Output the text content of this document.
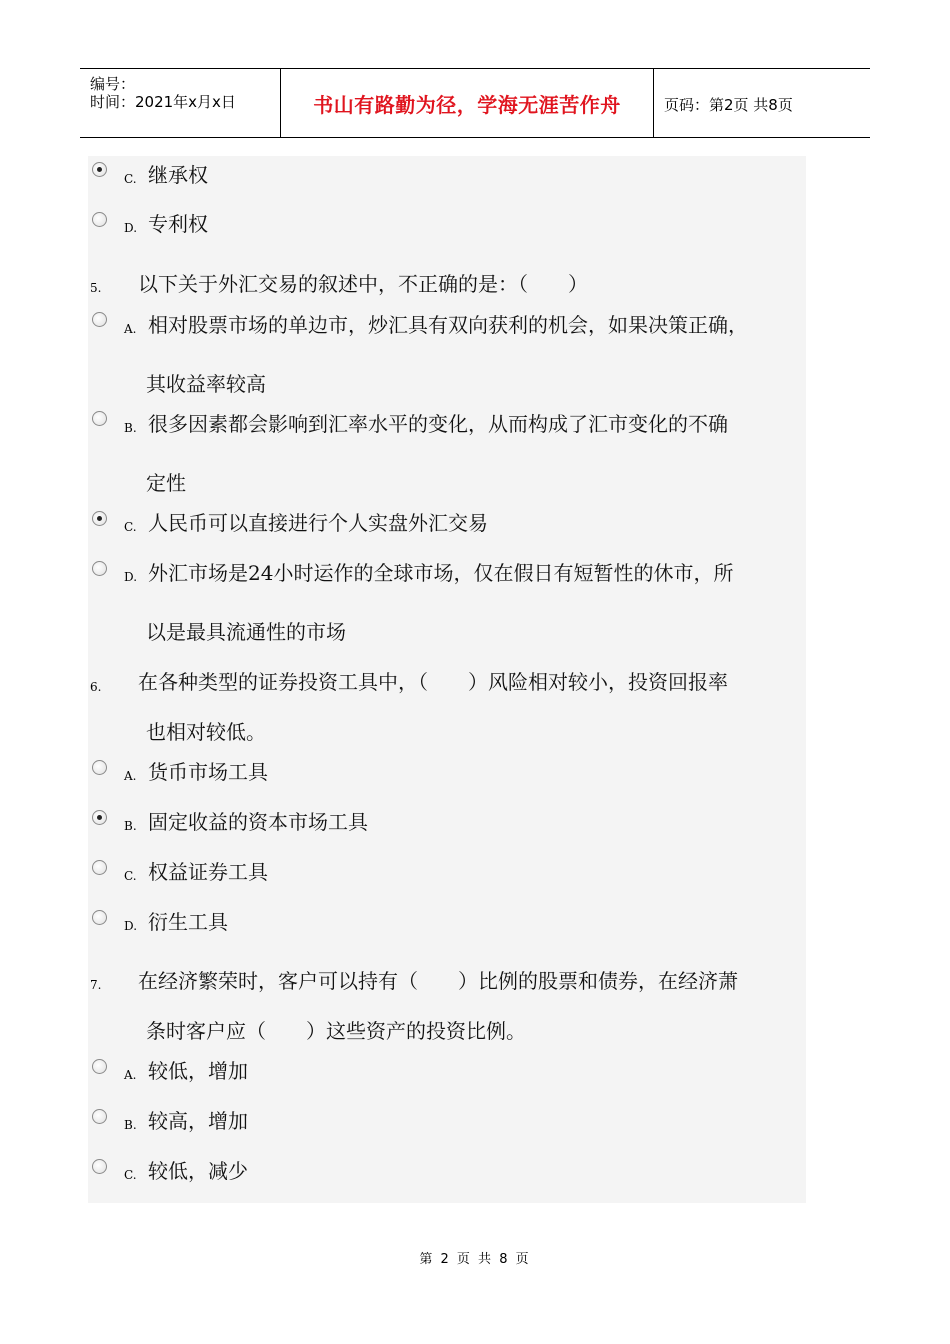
编号：
时间：2021年x月x日	书山有路勤为径，学海无涯苦作舟	页码：第2页 共8页
C. 继承权
D. 专利权
5. 以下关于外汇交易的叙述中，不正确的是：（　　）
A. 相对股票市场的单边市，炒汇具有双向获利的机会，如果决策正确，
其收益率较高
B. 很多因素都会影响到汇率水平的变化，从而构成了汇市变化的不确
定性
C. 人民币可以直接进行个人实盘外汇交易
D. 外汇市场是24小时运作的全球市场，仅在假日有短暂性的休市，所
以是最具流通性的市场
6. 在各种类型的证券投资工具中，（　　）风险相对较小，投资回报率
也相对较低。
A. 货币市场工具
B. 固定收益的资本市场工具
C. 权益证券工具
D. 衍生工具
7. 在经济繁荣时，客户可以持有（　　）比例的股票和债券，在经济萧
条时客户应（　　）这些资产的投资比例。
A. 较低，增加
B. 较高，增加
C. 较低，减少
第 2 页 共 8 页
